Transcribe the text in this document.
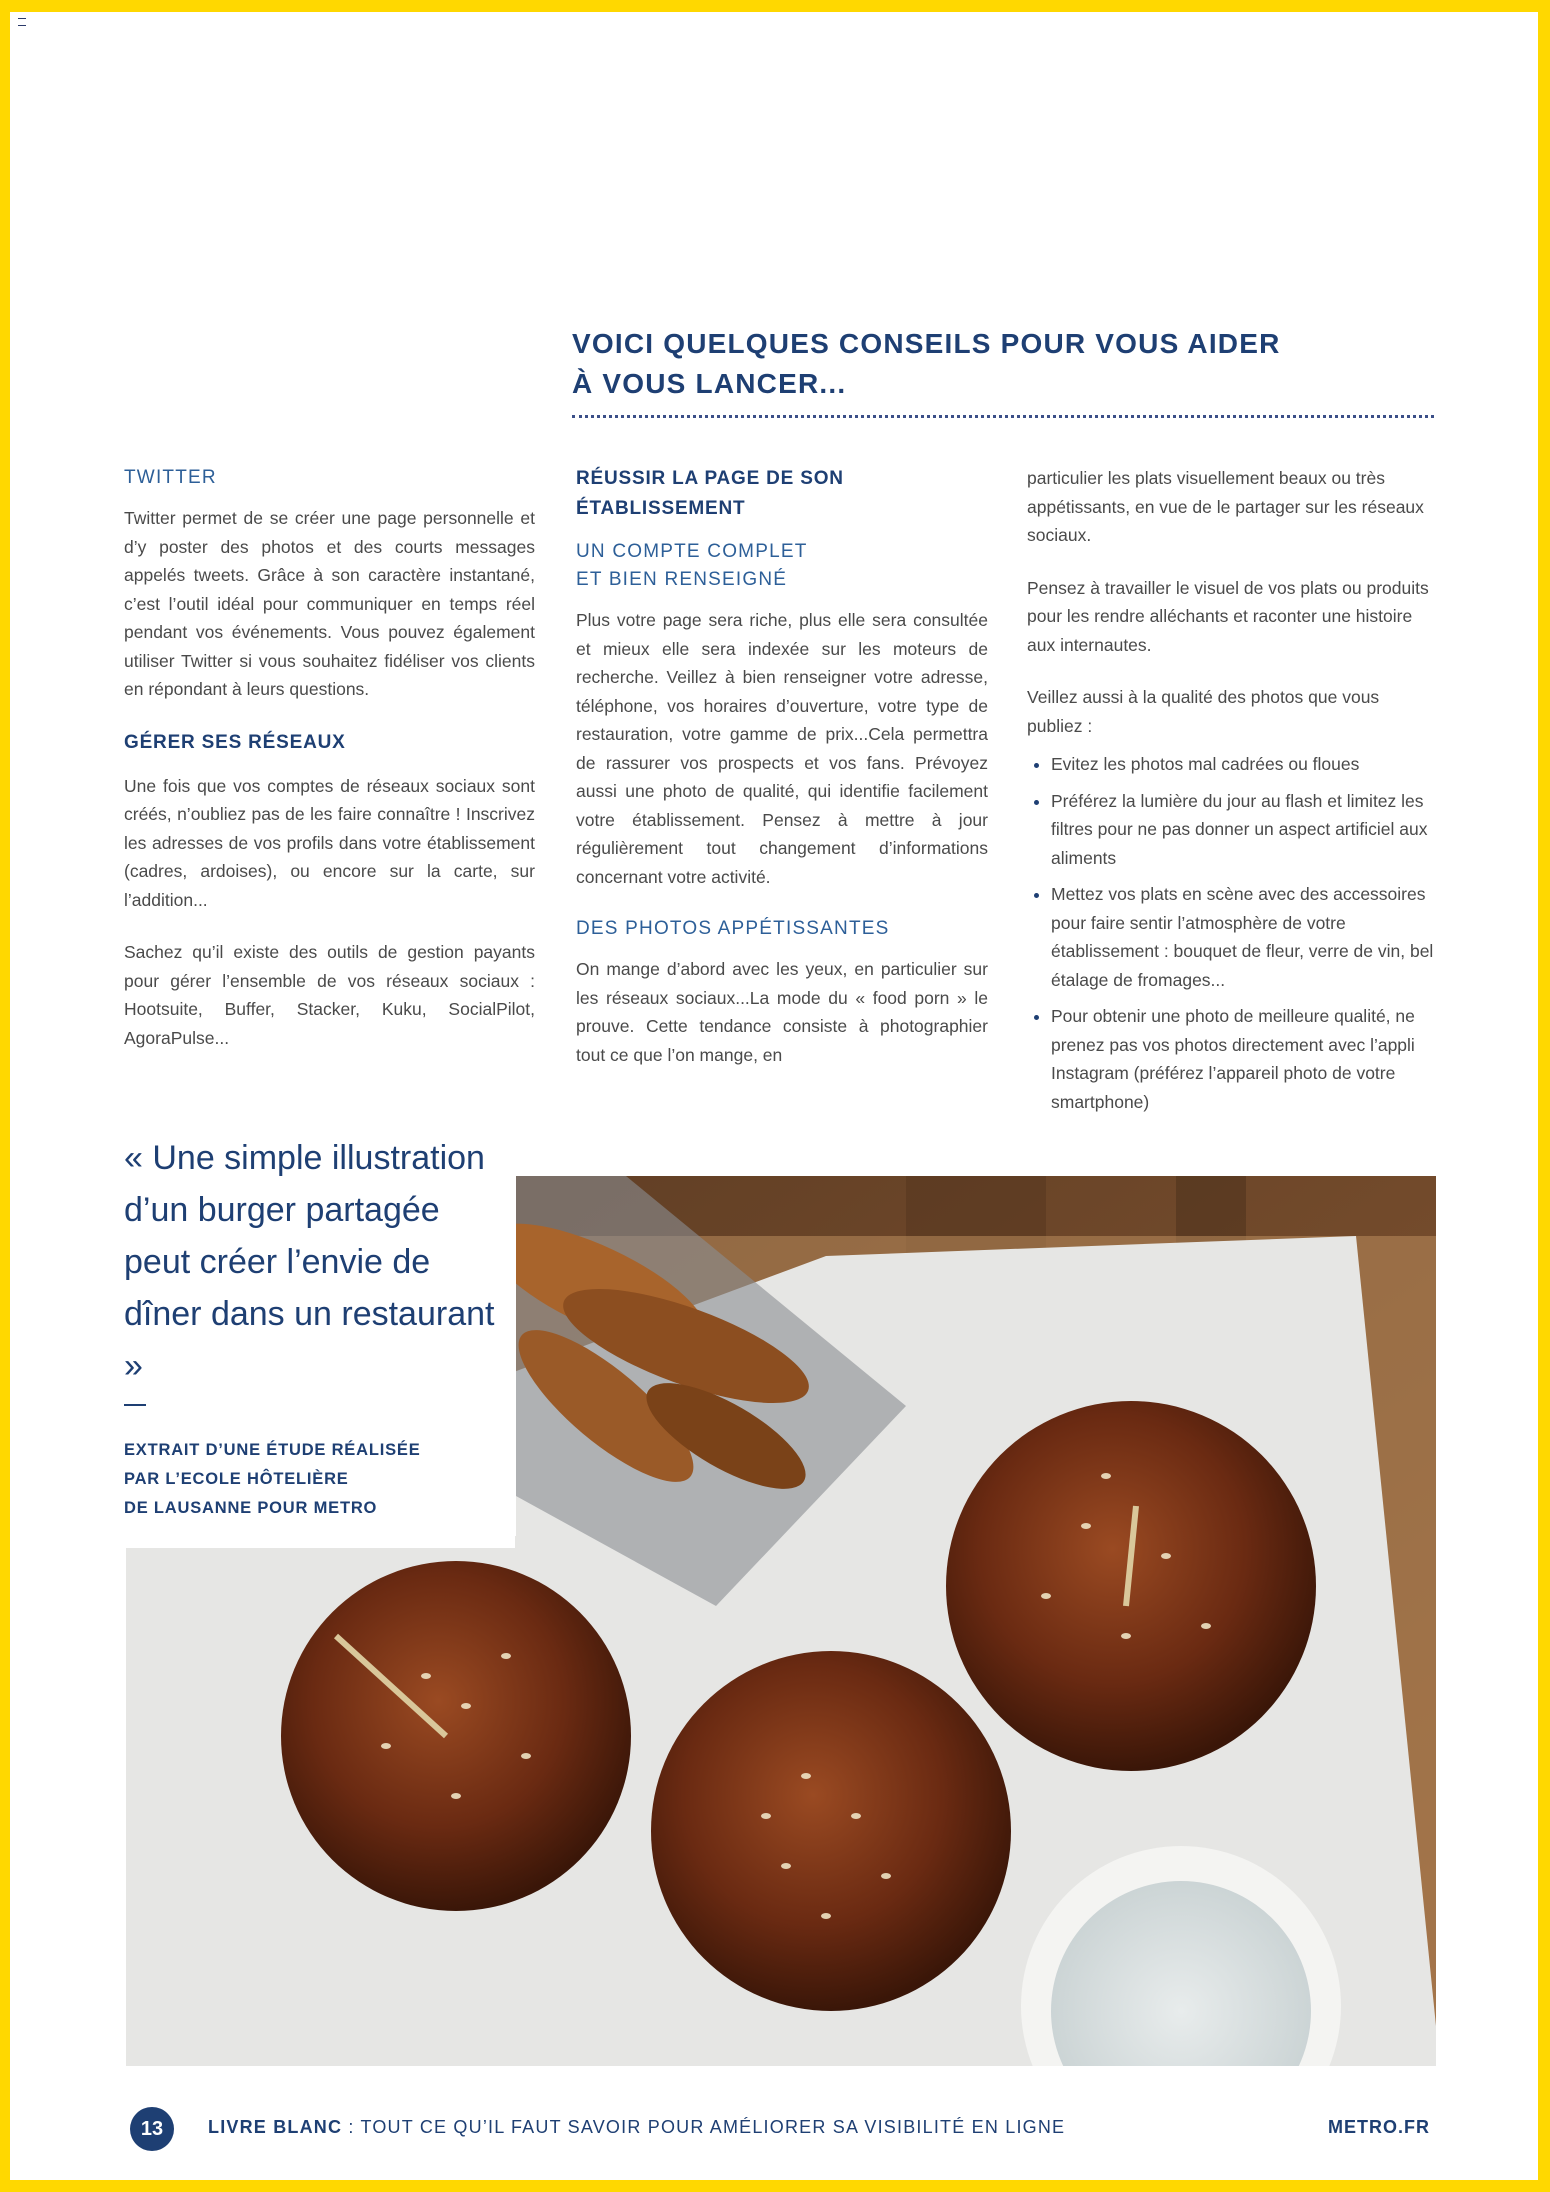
VOICI QUELQUES CONSEILS POUR VOUS AIDER
À VOUS LANCER...
TWITTER

Twitter permet de se créer une page personnelle et d’y poster des photos et des courts messages appelés tweets. Grâce à son caractère instantané, c’est l’outil idéal pour communiquer en temps réel pendant vos événements. Vous pouvez également utiliser Twitter si vous souhaitez fidéliser vos clients en répondant à leurs questions.

GÉRER SES RÉSEAUX

Une fois que vos comptes de réseaux sociaux sont créés, n’oubliez pas de les faire connaître ! Inscrivez les adresses de vos profils dans votre établissement (cadres, ardoises), ou encore sur la carte, sur l’addition...

Sachez qu’il existe des outils de gestion payants pour gérer l’ensemble de vos réseaux sociaux : Hootsuite, Buffer, Stacker, Kuku, SocialPilot, AgoraPulse...

RÉUSSIR LA PAGE DE SON ÉTABLISSEMENT
UN COMPTE COMPLET
ET BIEN RENSEIGNÉ

Plus votre page sera riche, plus elle sera consultée et mieux elle sera indexée sur les moteurs de recherche. Veillez à bien renseigner votre adresse, téléphone, vos horaires d’ouverture, votre type de restauration, votre gamme de prix...Cela permettra de rassurer vos prospects et vos fans. Prévoyez aussi une photo de qualité, qui identifie facilement votre établissement. Pensez à mettre à jour régulièrement tout changement d’informations concernant votre activité.

DES PHOTOS APPÉTISSANTES

On mange d’abord avec les yeux, en particulier sur les réseaux sociaux...La mode du « food porn » le prouve. Cette tendance consiste à photographier tout ce que l’on mange, en

particulier les plats visuellement beaux ou très appétissants, en vue de le partager sur les réseaux sociaux.

Pensez à travailler le visuel de vos plats ou produits pour les rendre alléchants et raconter une histoire aux internautes.

Veillez aussi à la qualité des photos que vous publiez :

• Evitez les photos mal cadrées ou floues
• Préférez la lumière du jour au flash et limitez les filtres pour ne pas donner un aspect artificiel aux aliments
• Mettez vos plats en scène avec des accessoires pour faire sentir l’atmosphère de votre établissement : bouquet de fleur, verre de vin, bel étalage de fromages...
• Pour obtenir une photo de meilleure qualité, ne prenez pas vos photos directement avec l’appli Instagram (préférez l’appareil photo de votre smartphone)
« Une simple illustration d’un burger partagée peut créer l’envie de dîner dans un restaurant »
EXTRAIT D’UNE ÉTUDE RÉALISÉE
PAR L’ECOLE HÔTELIÈRE
DE LAUSANNE POUR METRO
13	LIVRE BLANC : TOUT CE QU’IL FAUT SAVOIR POUR AMÉLIORER SA VISIBILITÉ EN LIGNE	METRO.FR
